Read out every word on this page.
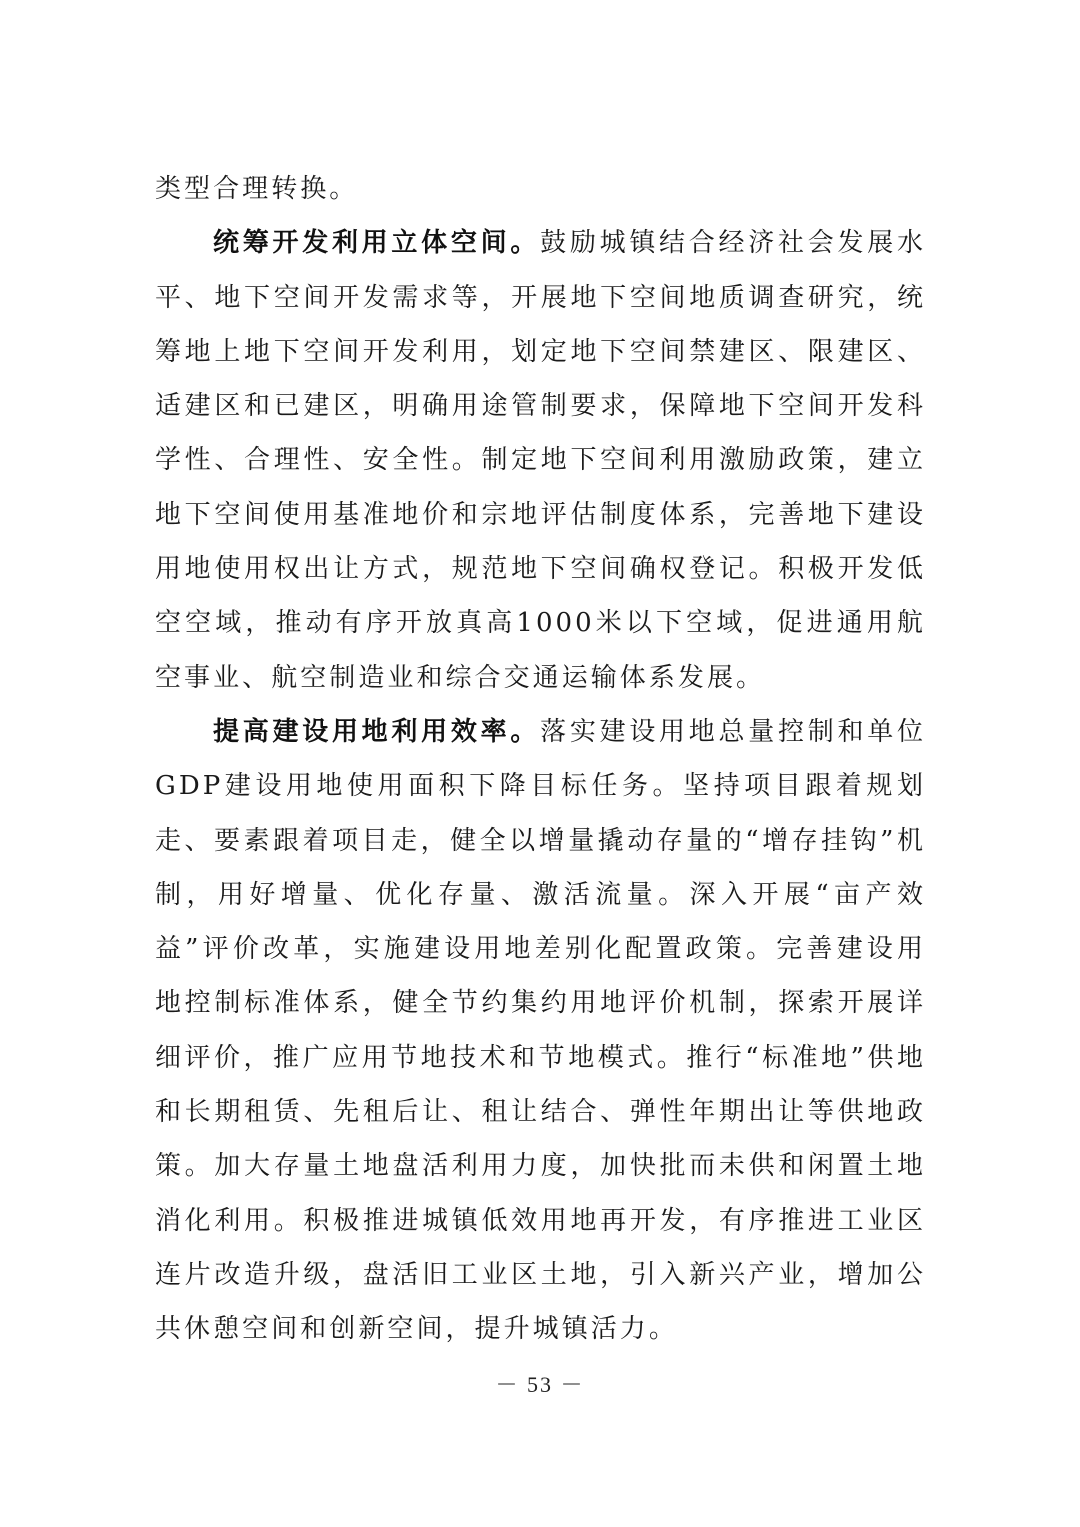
类型合理转换。

统筹开发利用立体空间。鼓励城镇结合经济社会发展水平、地下空间开发需求等，开展地下空间地质调查研究，统筹地上地下空间开发利用，划定地下空间禁建区、限建区、适建区和已建区，明确用途管制要求，保障地下空间开发科学性、合理性、安全性。制定地下空间利用激励政策，建立地下空间使用基准地价和宗地评估制度体系，完善地下建设用地使用权出让方式，规范地下空间确权登记。积极开发低空空域，推动有序开放真高1000米以下空域，促进通用航空事业、航空制造业和综合交通运输体系发展。

提高建设用地利用效率。落实建设用地总量控制和单位GDP建设用地使用面积下降目标任务。坚持项目跟着规划走、要素跟着项目走，健全以增量撬动存量的“增存挂钩”机制，用好增量、优化存量、激活流量。深入开展“亩产效益”评价改革，实施建设用地差别化配置政策。完善建设用地控制标准体系，健全节约集约用地评价机制，探索开展详细评价，推广应用节地技术和节地模式。推行“标准地”供地和长期租赁、先租后让、租让结合、弹性年期出让等供地政策。加大存量土地盘活利用力度，加快批而未供和闲置土地消化利用。积极推进城镇低效用地再开发，有序推进工业区连片改造升级，盘活旧工业区土地，引入新兴产业，增加公共休憩空间和创新空间，提升城镇活力。

－ 53 －
